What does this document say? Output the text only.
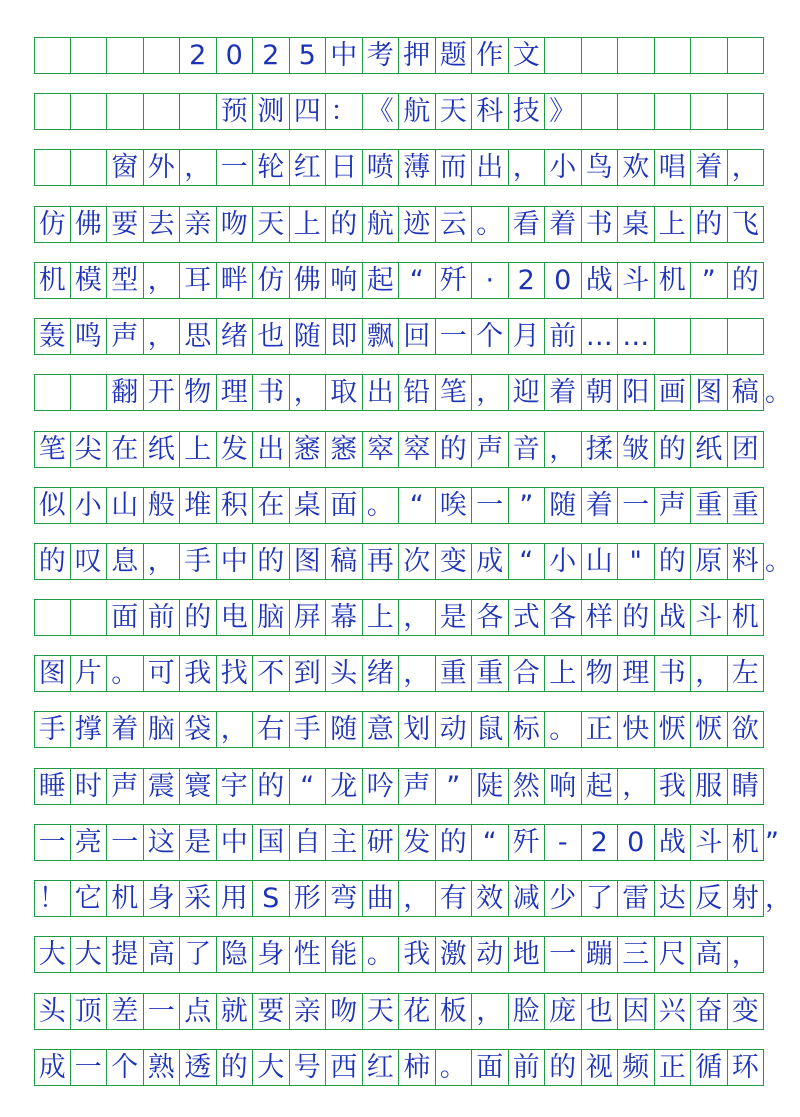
2 0 2 5 中 考 押 题 作 文
预 测 四 ： 《 航 天 科 技 》
窗 外 ， 一 轮 红 日 喷 薄 而 出 ， 小 鸟 欢 唱 着 ，
仿 佛 要 去 亲 吻 天 上 的 航 迹 云 。 看 着 书 桌 上 的 飞
机 模 型 ， 耳 畔 仿 佛 响 起 “ 歼 · 2 0 战 斗 机 ” 的
轰 鸣 声 ， 思 绪 也 随 即 飘 回 一 个 月 前 … …
翻 开 物 理 书 ， 取 出 铅 笔 ， 迎 着 朝 阳 画 图 稿 。
笔 尖 在 纸 上 发 出 窸 窸 窣 窣 的 声 音 ， 揉 皱 的 纸 团
似 小 山 般 堆 积 在 桌 面 。 “ 唉 一 ” 随 着 一 声 重 重
的 叹 息 ， 手 中 的 图 稿 再 次 变 成 “ 小 山 " 的 原 料 。
面 前 的 电 脑 屏 幕 上 ， 是 各 式 各 样 的 战 斗 机
图 片 。 可 我 找 不 到 头 绪 ， 重 重 合 上 物 理 书 ， 左
手 撑 着 脑 袋 ， 右 手 随 意 划 动 鼠 标 。 正 快 恹 恹 欲
睡 时 声 震 寰 宇 的 “ 龙 吟 声 ” 陡 然 响 起 ， 我 服 睛
一 亮 一 这 是 中 国 自 主 研 发 的 “ 歼 - 2 0 战 斗 机 ”
！ 它 机 身 采 用 S 形 弯 曲 ， 有 效 减 少 了 雷 达 反 射 ，
大 大 提 高 了 隐 身 性 能 。 我 激 动 地 一 蹦 三 尺 高 ，
头 顶 差 一 点 就 要 亲 吻 天 花 板 ， 脸 庞 也 因 兴 奋 变
成 一 个 熟 透 的 大 号 西 红 柿 。 面 前 的 视 频 正 循 环
